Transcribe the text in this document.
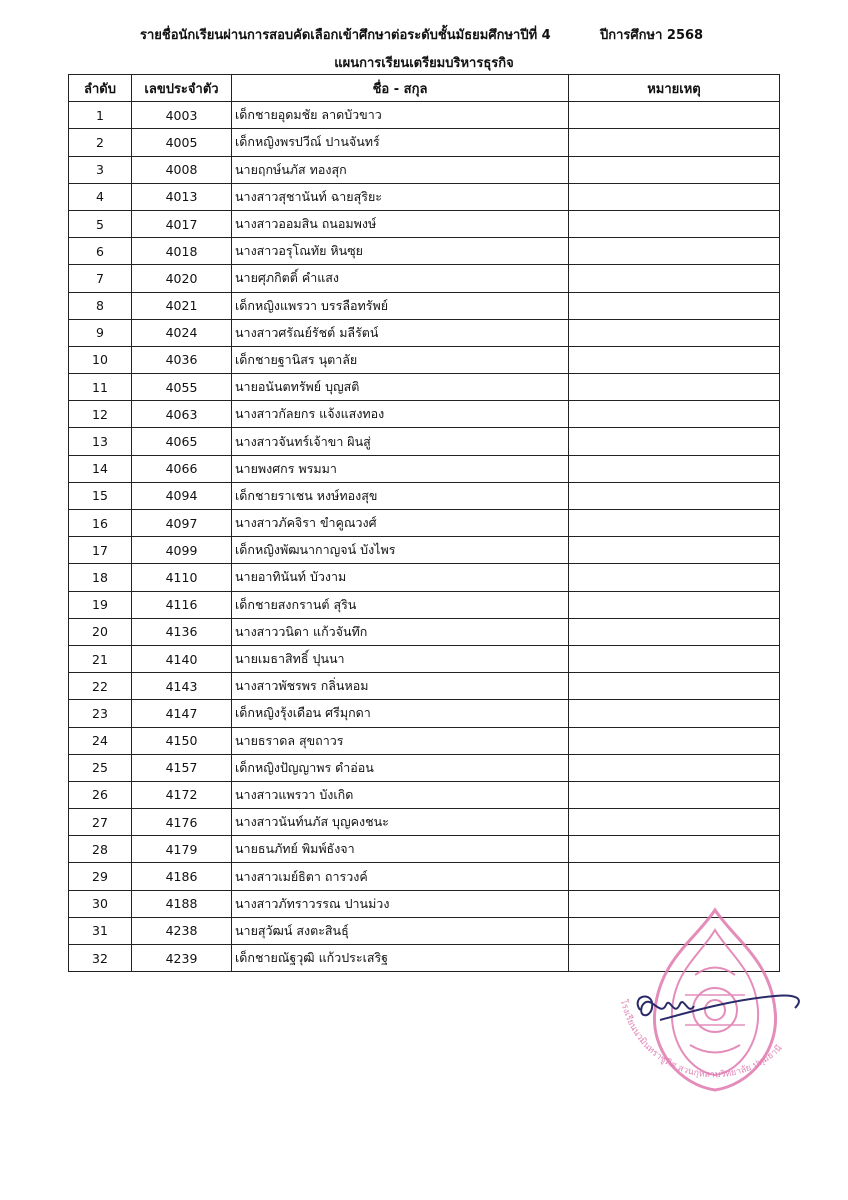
รายชื่อนักเรียนผ่านการสอบคัดเลือกเข้าศึกษาต่อระดับชั้นมัธยมศึกษาปีที่ 4	ปีการศึกษา 2568
แผนการเรียนเตรียมบริหารธุรกิจ
ลำดับ	เลขประจำตัว	ชื่อ - สกุล	หมายเหตุ
1	4003	เด็กชายอุดมชัย ลาดบัวขาว	
2	4005	เด็กหญิงพรปวีณ์ ปานจันทร์	
3	4008	นายฤกษ์นภัส ทองสุก	
4	4013	นางสาวสุชานันท์ ฉายสุริยะ	
5	4017	นางสาวออมสิน ถนอมพงษ์	
6	4018	นางสาวอรุโณทัย หินซุย	
7	4020	นายศุภกิตติ์ คำแสง	
8	4021	เด็กหญิงแพรวา บรรลือทรัพย์	
9	4024	นางสาวศรัณย์รัชต์ มลีรัตน์	
10	4036	เด็กชายฐานิสร นุตาลัย	
11	4055	นายอนันตทรัพย์ บุญสติ	
12	4063	นางสาวกัลยกร แจ้งแสงทอง	
13	4065	นางสาวจันทร์เจ้าขา ผินสู่	
14	4066	นายพงศกร พรมมา	
15	4094	เด็กชายราเชน หงษ์ทองสุข	
16	4097	นางสาวภัคจิรา ขำคูณวงศ์	
17	4099	เด็กหญิงพัฒนากาญจน์ บังไพร	
18	4110	นายอาทินันท์ บัวงาม	
19	4116	เด็กชายสงกรานต์ สุริน	
20	4136	นางสาววนิดา แก้วจันทึก	
21	4140	นายเมธาสิทธิ์ ปุนนา	
22	4143	นางสาวพัชรพร กลิ่นหอม	
23	4147	เด็กหญิงรุ้งเดือน ศรีมุกดา	
24	4150	นายธราดล สุขถาวร	
25	4157	เด็กหญิงปัญญาพร ดำอ่อน	
26	4172	นางสาวแพรวา บังเกิด	
27	4176	นางสาวนันท์นภัส บุญคงชนะ	
28	4179	นายธนภัทย์ พิมพ์ธังจา	
29	4186	นางสาวเมย์ธิตา ถารวงค์	
30	4188	นางสาวภัทราวรรณ ปานม่วง	
31	4238	นายสุวัฒน์ สงตะสินธุ์	
32	4239	เด็กชายณัฐวุฒิ แก้วประเสริฐ	
โรงเรียนนวมินทราชูทิศ สวนกุหลาบวิทยาลัย ปทุมธานี
